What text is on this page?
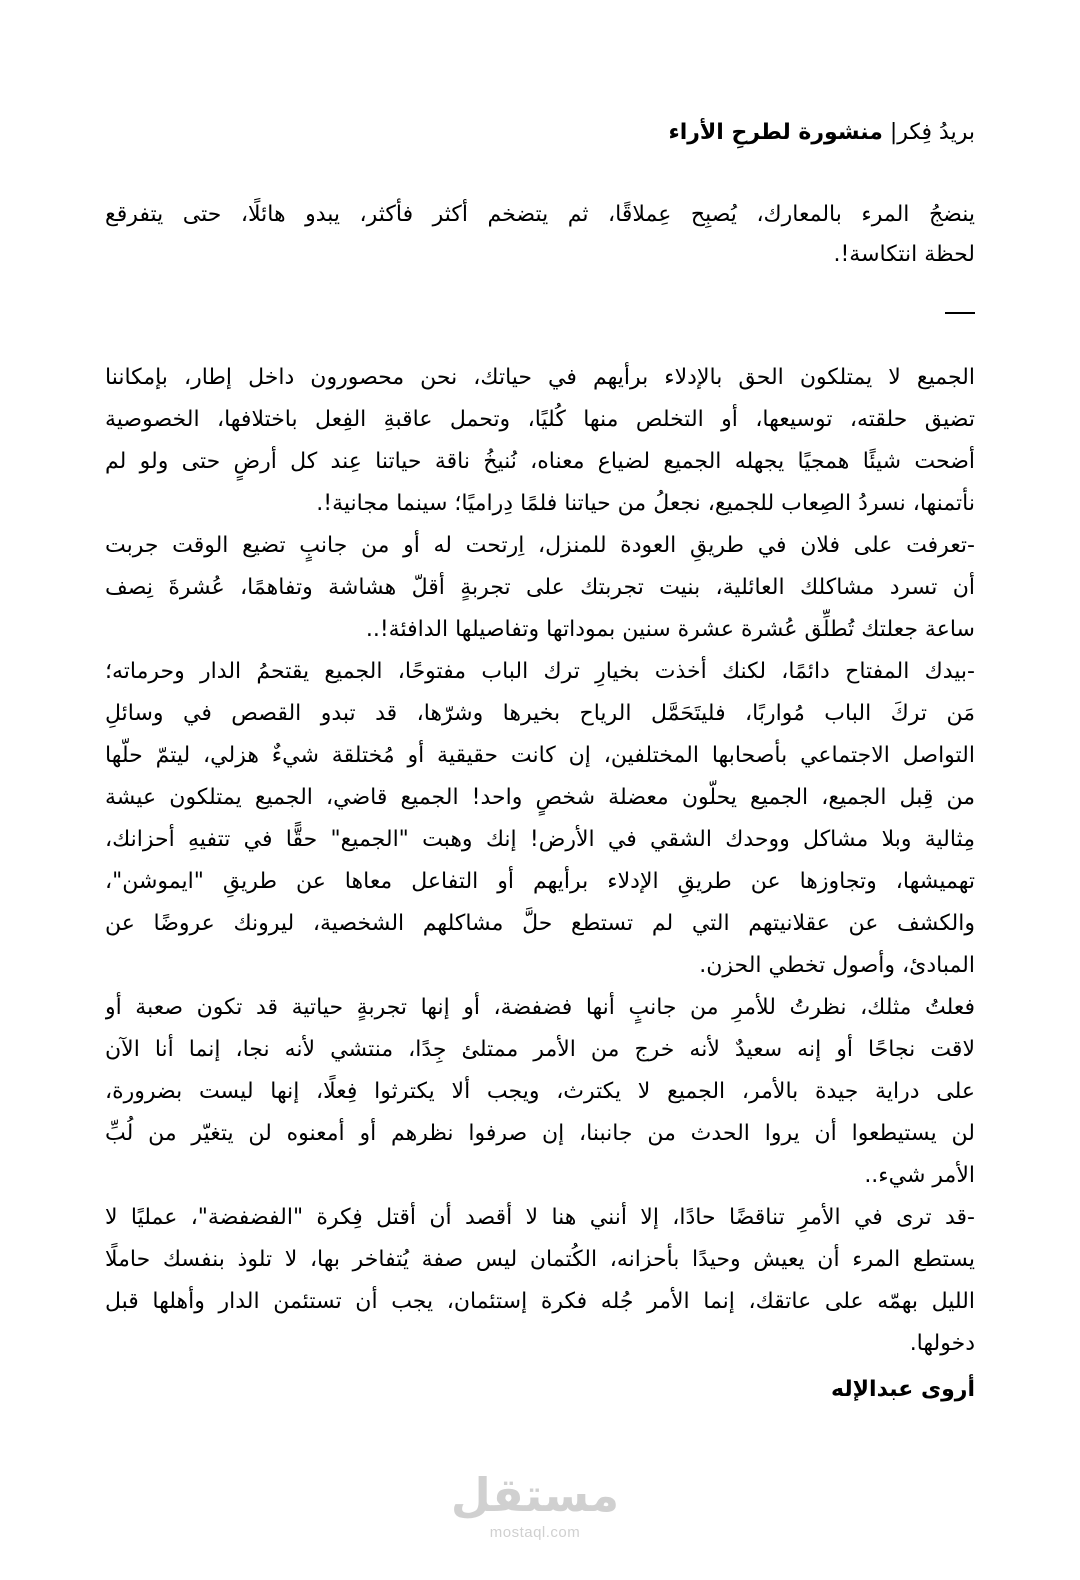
بريدُ فِكر| منشورة لطرحِ الأراء
ينضجُ المرء بالمعارك، يُصبِح عِملاقًا، ثم يتضخم أكثر فأكثر، يبدو هائلًا، حتى يتفرقع
لحظة انتكاسة!.
الجميع لا يمتلكون الحق بالإدلاء برأيهم في حياتك، نحن محصورون داخل إطار، بإمكاننا
تضيق حلقته، توسيعها، أو التخلص منها كُليًا، وتحمل عاقبةِ الفِعل باختلافها، الخصوصية
أضحت شيئًا همجيًا يجهله الجميع لضياع معناه، نُنيخُ ناقة حياتنا عِند كل أرضٍ حتى ولو لم
نأتمنها، نسردُ الصِعاب للجميع، نجعلُ من حياتنا فلمًا دِراميًا؛ سينما مجانية!.
-تعرفت على فلان في طريقِ العودة للمنزل، اِرتحت له أو من جانبٍ تضيع الوقت جربت
أن تسرد مشاكلك العائلية، بنيت تجربتك على تجربةٍ أقلّ هشاشة وتفاهمًا، عُشرةَ نِصف
ساعة جعلتك تُطلِّق عُشرة عشرة سنين بموداتها وتفاصيلها الدافئة!..
-بيدك المفتاح دائمًا، لكنك أخذت بخيارِ ترك الباب مفتوحًا، الجميع يقتحمُ الدار وحرماته؛
مَن تركَ الباب مُواربًا، فليتَحَمَّل الرياح بخيرها وشرّها، قد تبدو القصص في وسائلِ
التواصل الاجتماعي بأصحابها المختلفين، إن كانت حقيقية أو مُختلقة شيءٌ هزلي، ليتمّ حلّها
من قِبل الجميع، الجميع يحلّون معضلة شخصٍ واحد! الجميع قاضي، الجميع يمتلكون عيشة
مِثالية وبلا مشاكل ووحدك الشقي في الأرض! إنك وهبت "الجميع" حقًّا في تتفيهِ أحزانك،
تهميشها، وتجاوزها عن طريقِ الإدلاء برأيهم أو التفاعل معاها عن طريقِ "ايموشن"،
والكشف عن عقلانيتهم التي لم تستطع حلَّ مشاكلهم الشخصية، ليرونك عروضًا عن
المبادئ، وأصول تخطي الحزن.
فعلتُ مثلك، نظرتُ للأمرِ من جانبٍ أنها فضفضة، أو إنها تجربةٍ حياتية قد تكون صعبة أو
لاقت نجاحًا أو إنه سعيدٌ لأنه خرج من الأمر ممتلئ جِدًا، منتشي لأنه نجا، إنما أنا الآن
على دراية جيدة بالأمر، الجميع لا يكترث، ويجب ألا يكترثوا فِعلًا، إنها ليست بضرورة،
لن يستيطعوا أن يروا الحدث من جانبنا، إن صرفوا نظرهم أو أمعنوه لن يتغيّر من لُبِّ
الأمر شيء..
-قد ترى في الأمرِ تناقضًا حادًا، إلا أنني هنا لا أقصد أن أقتل فِكرة "الفضفضة"، عمليًا لا
يستطع المرء أن يعيش وحيدًا بأحزانه، الكُتمان ليس صفة يُتفاخر بها، لا تلوذ بنفسك حاملًا
الليل بهمّه على عاتقك، إنما الأمر جُله فكرة إستئمان، يجب أن تستئمن الدار وأهلها قبل
دخولها.
أروى عبدالإله
مستقل
mostaql.com
